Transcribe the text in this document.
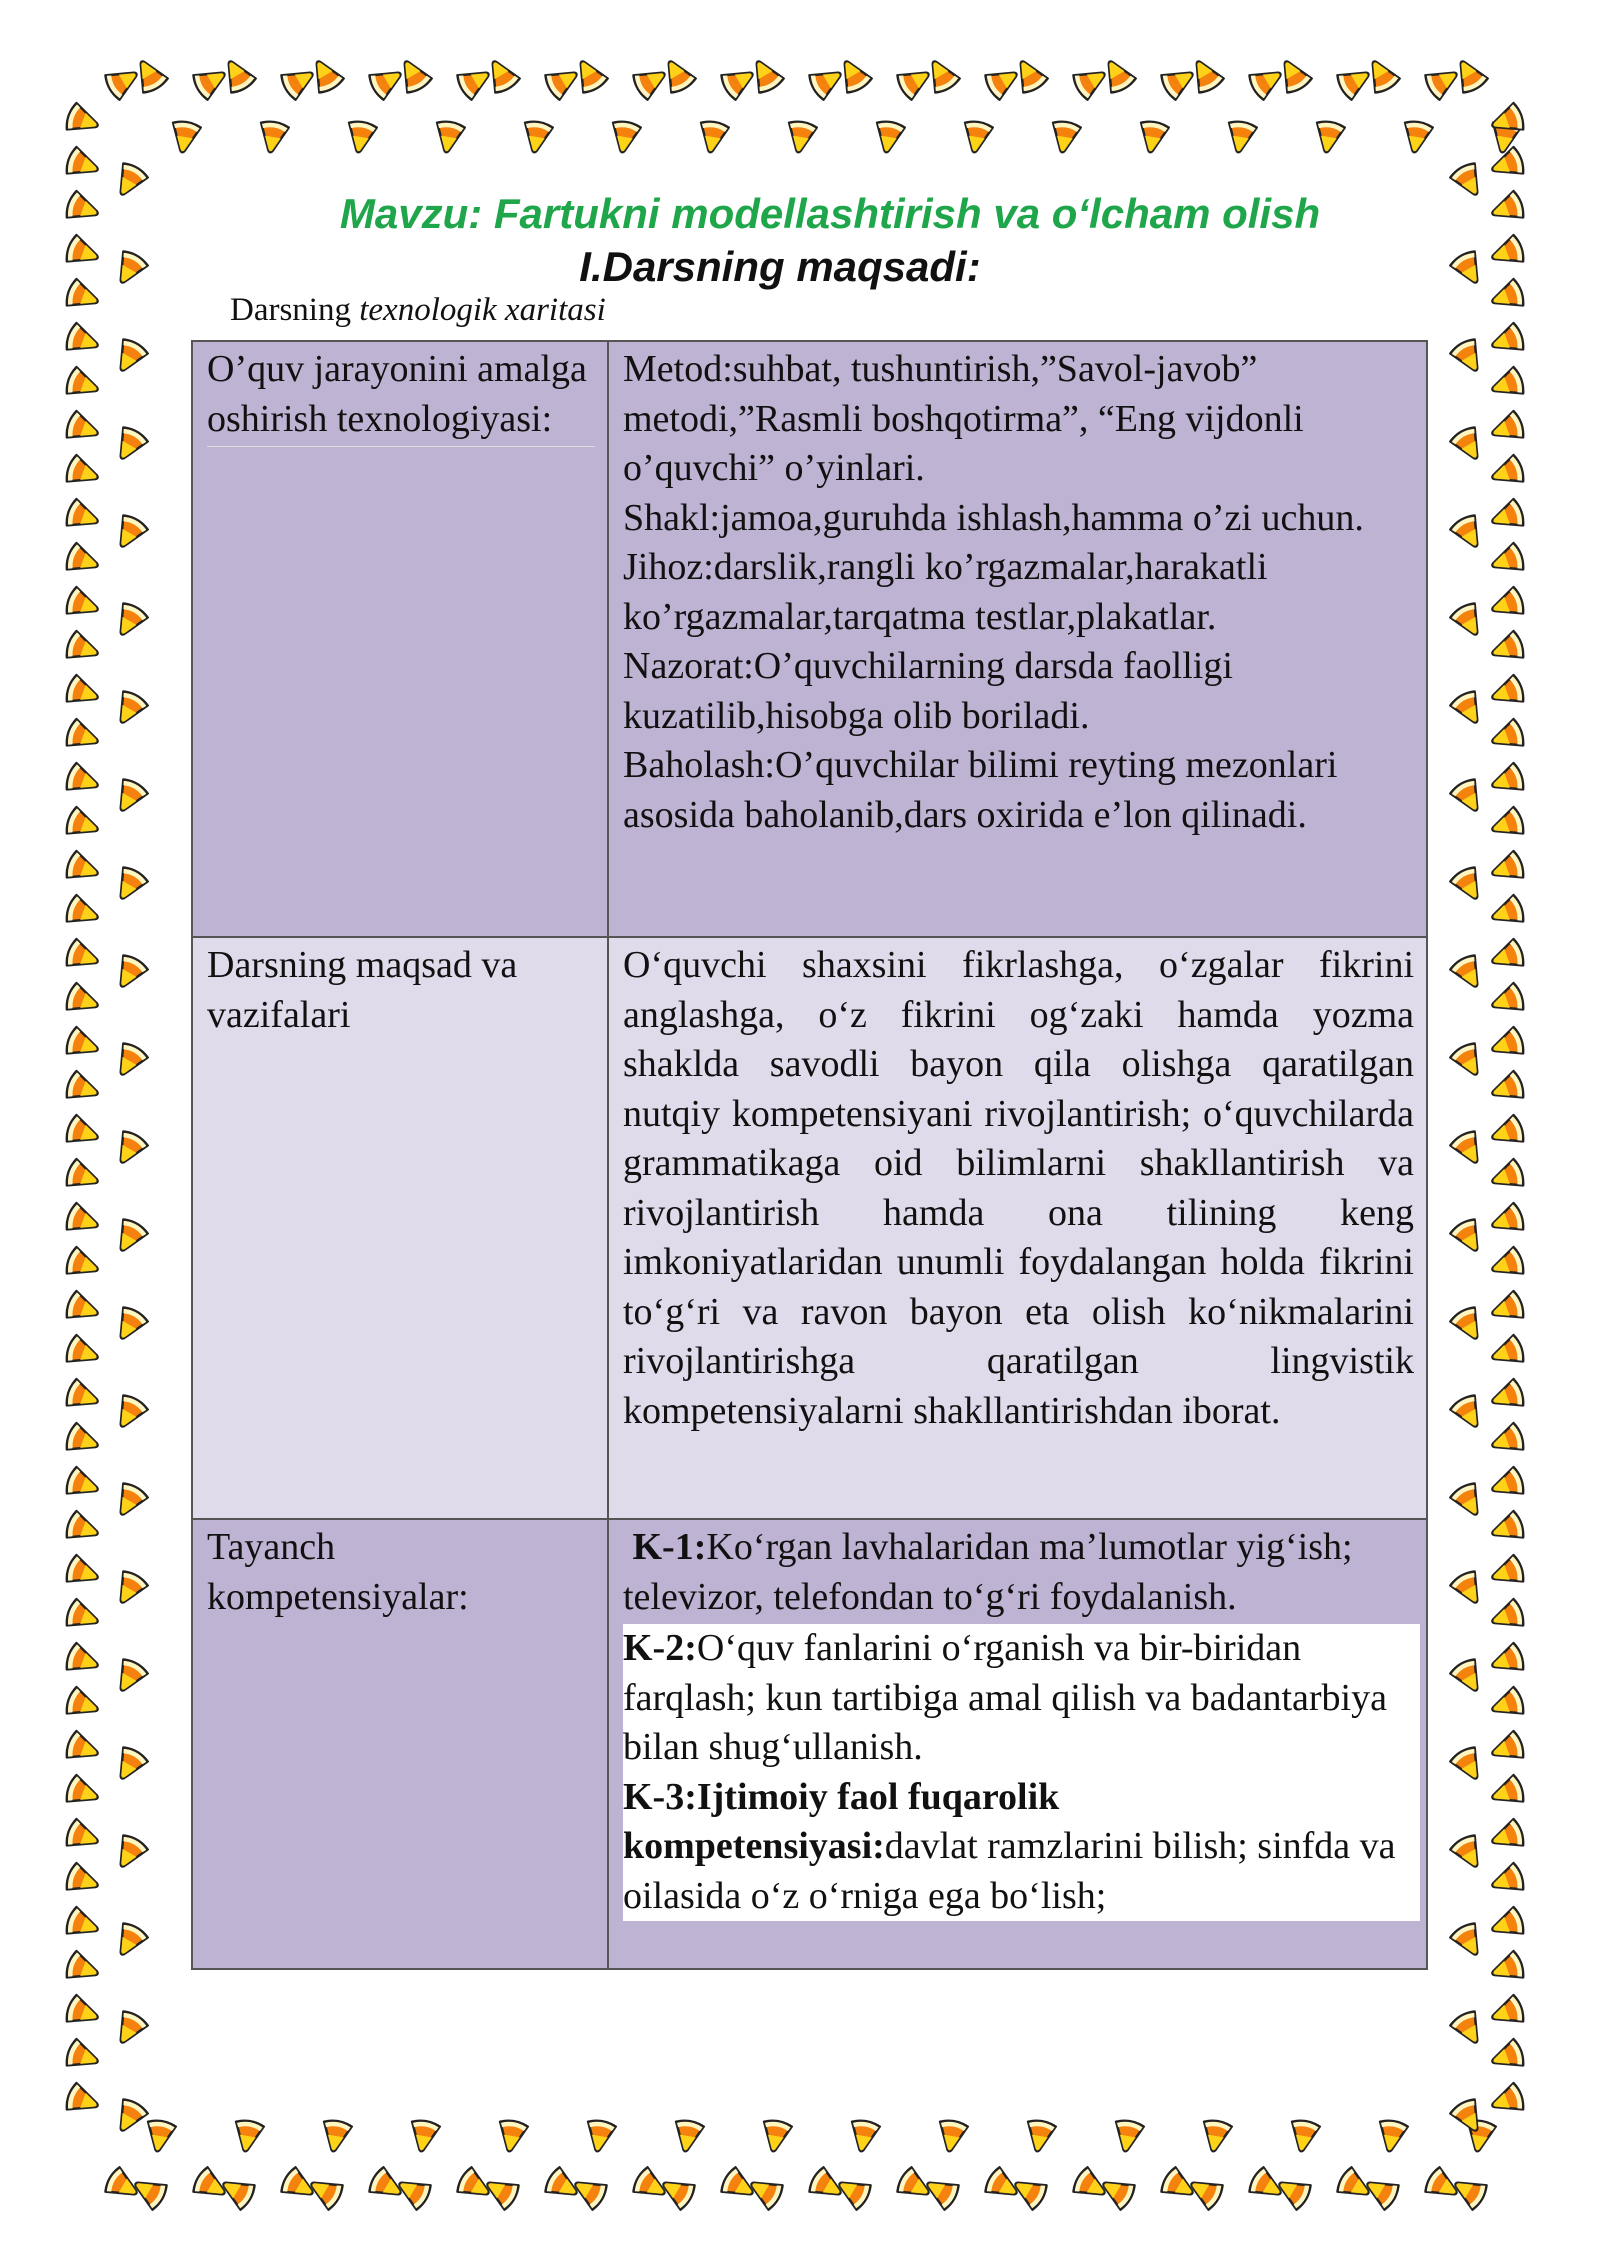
Mavzu: Fartukni modellashtirish va o‘lcham olish
I.Darsning maqsadi:
Darsning texnologik xaritasi
O’quv jarayonini amalga oshirish texnologiyasi:	Metod:suhbat, tushuntirish,”Savol-javob” metodi,”Rasmli boshqotirma”, “Eng vijdonli o’quvchi” o’yinlari.
Shakl:jamoa,guruhda ishlash,hamma o’zi uchun.
Jihoz:darslik,rangli ko’rgazmalar,harakatli ko’rgazmalar,tarqatma testlar,plakatlar.
Nazorat:O’quvchilarning darsda faolligi kuzatilib,hisobga olib boriladi.
Baholash:O’quvchilar bilimi reyting mezonlari asosida baholanib,dars oxirida e’lon qilinadi.

Darsning maqsad va vazifalari	O‘quvchi shaxsini fikrlashga, o‘zgalar fikrini anglashga, o‘z fikrini og‘zaki hamda yozma shaklda savodli bayon qila olishga qaratilgan nutqiy kompetensiyani rivojlantirish; o‘quvchilarda grammatikaga oid bilimlarni shakllantirish va rivojlantirish hamda ona tilining keng imkoniyatlaridan unumli foydalangan holda fikrini to‘g‘ri va ravon bayon eta olish ko‘nikmalarini rivojlantirishga qaratilgan lingvistik kompetensiyalarni shakllantirishdan iborat.
Tayanch kompetensiyalar:	K-1:Ko‘rgan lavhalaridan ma’lumotlar yig‘ish; televizor, telefondan to‘g‘ri foydalanish.
K-2:O‘quv fanlarini o‘rganish va bir-biridan farqlash; kun tartibiga amal qilish va badantarbiya bilan shug‘ullanish.
K-3:Ijtimoiy faol fuqarolik kompetensiyasi:davlat ramzlarini bilish; sinfda va oilasida o‘z o‘rniga ega bo‘lish;
